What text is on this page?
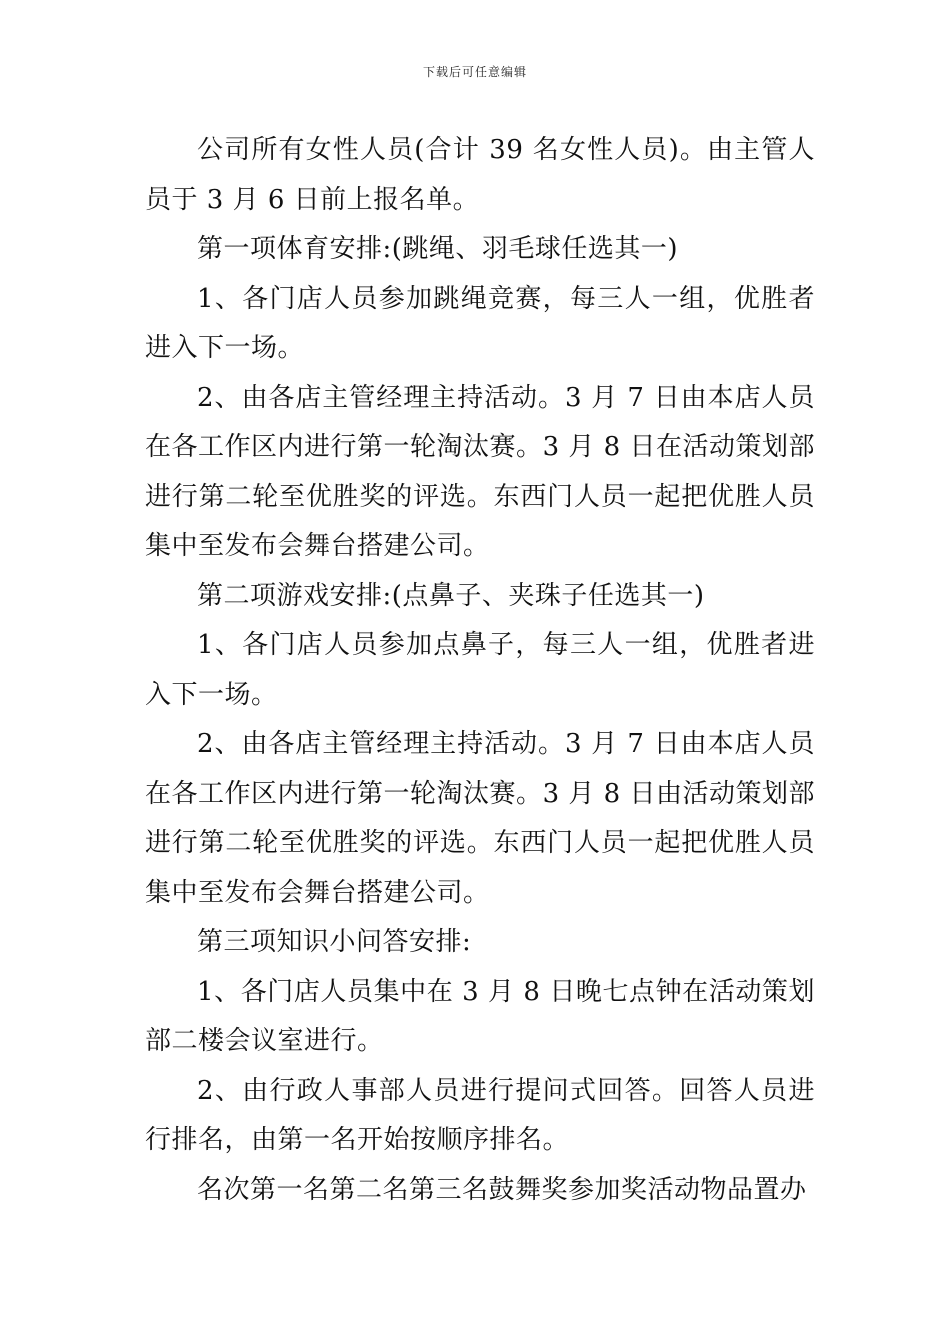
下载后可任意编辑

公司所有女性人员(合计 39 名女性人员)。由主管人员于 3 月 6 日前上报名单。

第一项体育安排:(跳绳、羽毛球任选其一)

1、各门店人员参加跳绳竞赛，每三人一组，优胜者进入下一场。

2、由各店主管经理主持活动。3 月 7 日由本店人员在各工作区内进行第一轮淘汰赛。3 月 8 日在活动策划部进行第二轮至优胜奖的评选。东西门人员一起把优胜人员集中至发布会舞台搭建公司。

第二项游戏安排:(点鼻子、夹珠子任选其一)

1、各门店人员参加点鼻子，每三人一组，优胜者进入下一场。

2、由各店主管经理主持活动。3 月 7 日由本店人员在各工作区内进行第一轮淘汰赛。3 月 8 日由活动策划部进行第二轮至优胜奖的评选。东西门人员一起把优胜人员集中至发布会舞台搭建公司。

第三项知识小问答安排:

1、各门店人员集中在 3 月 8 日晚七点钟在活动策划部二楼会议室进行。

2、由行政人事部人员进行提问式回答。回答人员进行排名，由第一名开始按顺序排名。

名次第一名第二名第三名鼓舞奖参加奖活动物品置办
